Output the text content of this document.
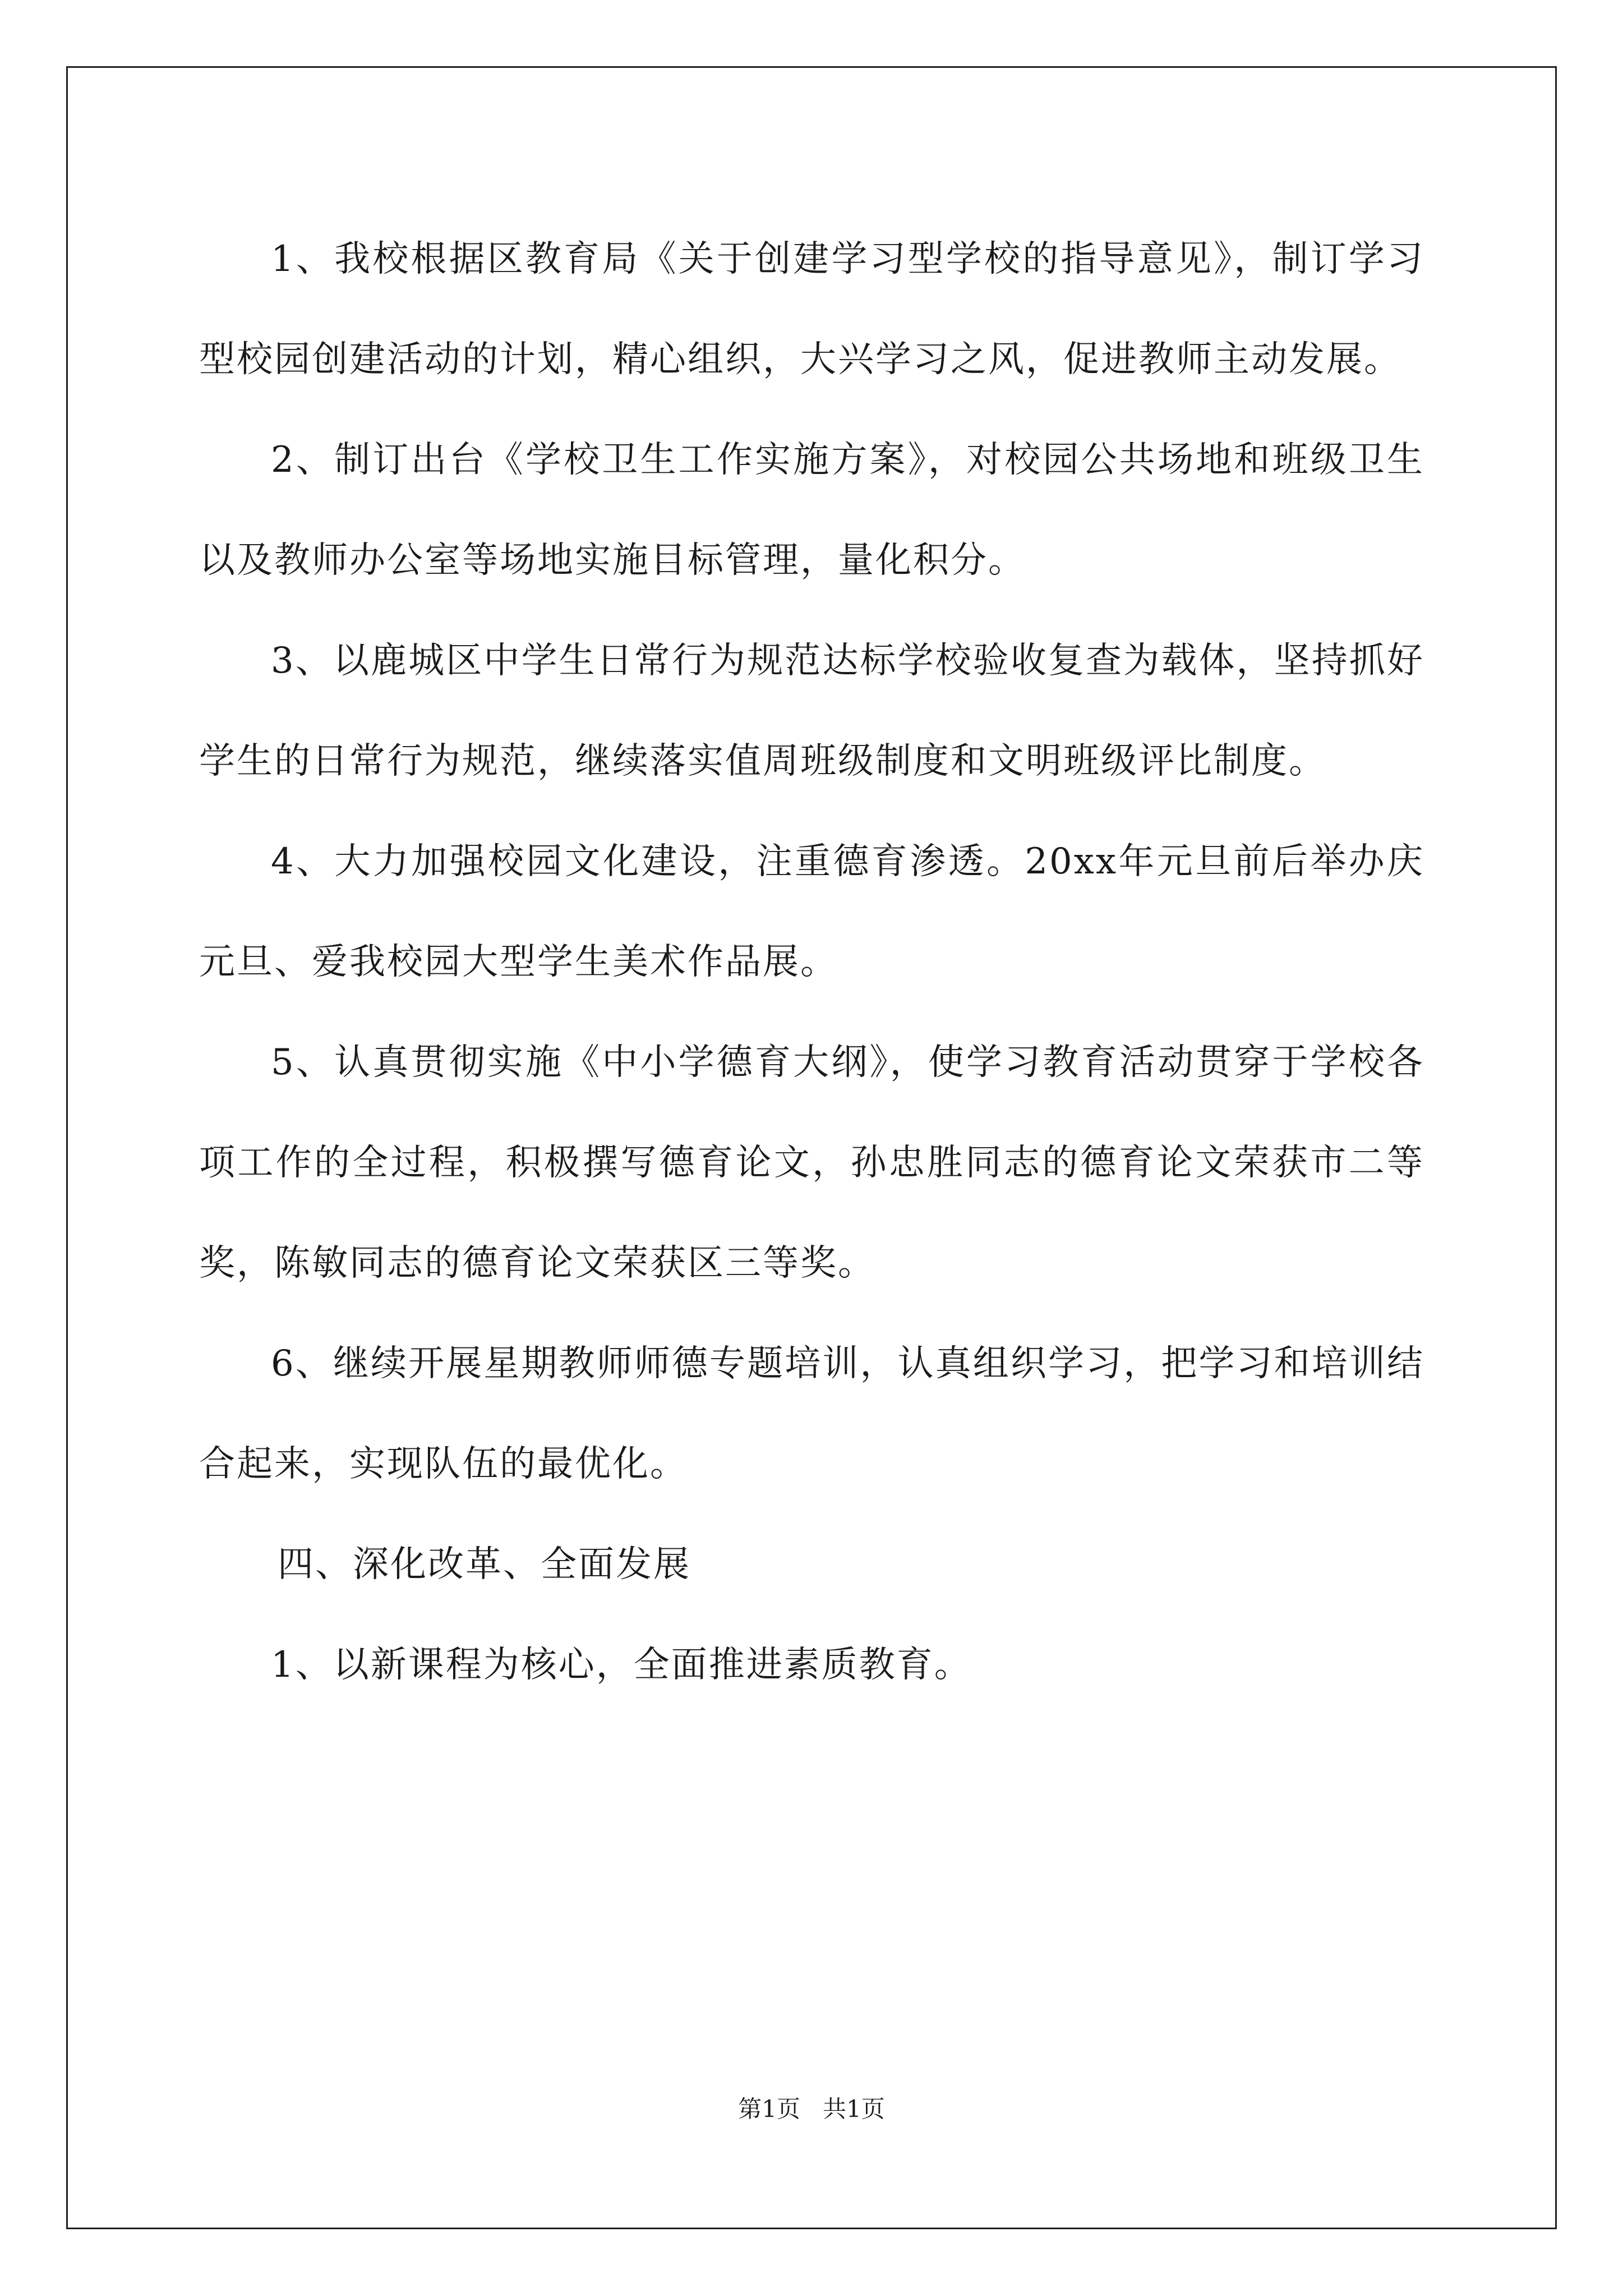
1、我校根据区教育局《关于创建学习型学校的指导意见》，制订学习型校园创建活动的计划，精心组织，大兴学习之风，促进教师主动发展。

2、制订出台《学校卫生工作实施方案》，对校园公共场地和班级卫生以及教师办公室等场地实施目标管理，量化积分。

3、以鹿城区中学生日常行为规范达标学校验收复查为载体，坚持抓好学生的日常行为规范，继续落实值周班级制度和文明班级评比制度。

4、大力加强校园文化建设，注重德育渗透。20xx年元旦前后举办庆元旦、爱我校园大型学生美术作品展。

5、认真贯彻实施《中小学德育大纲》，使学习教育活动贯穿于学校各项工作的全过程，积极撰写德育论文，孙忠胜同志的德育论文荣获市二等奖，陈敏同志的德育论文荣获区三等奖。

6、继续开展星期教师师德专题培训，认真组织学习，把学习和培训结合起来，实现队伍的最优化。

四、深化改革、全面发展

1、以新课程为核心，全面推进素质教育。

第1页 共1页
